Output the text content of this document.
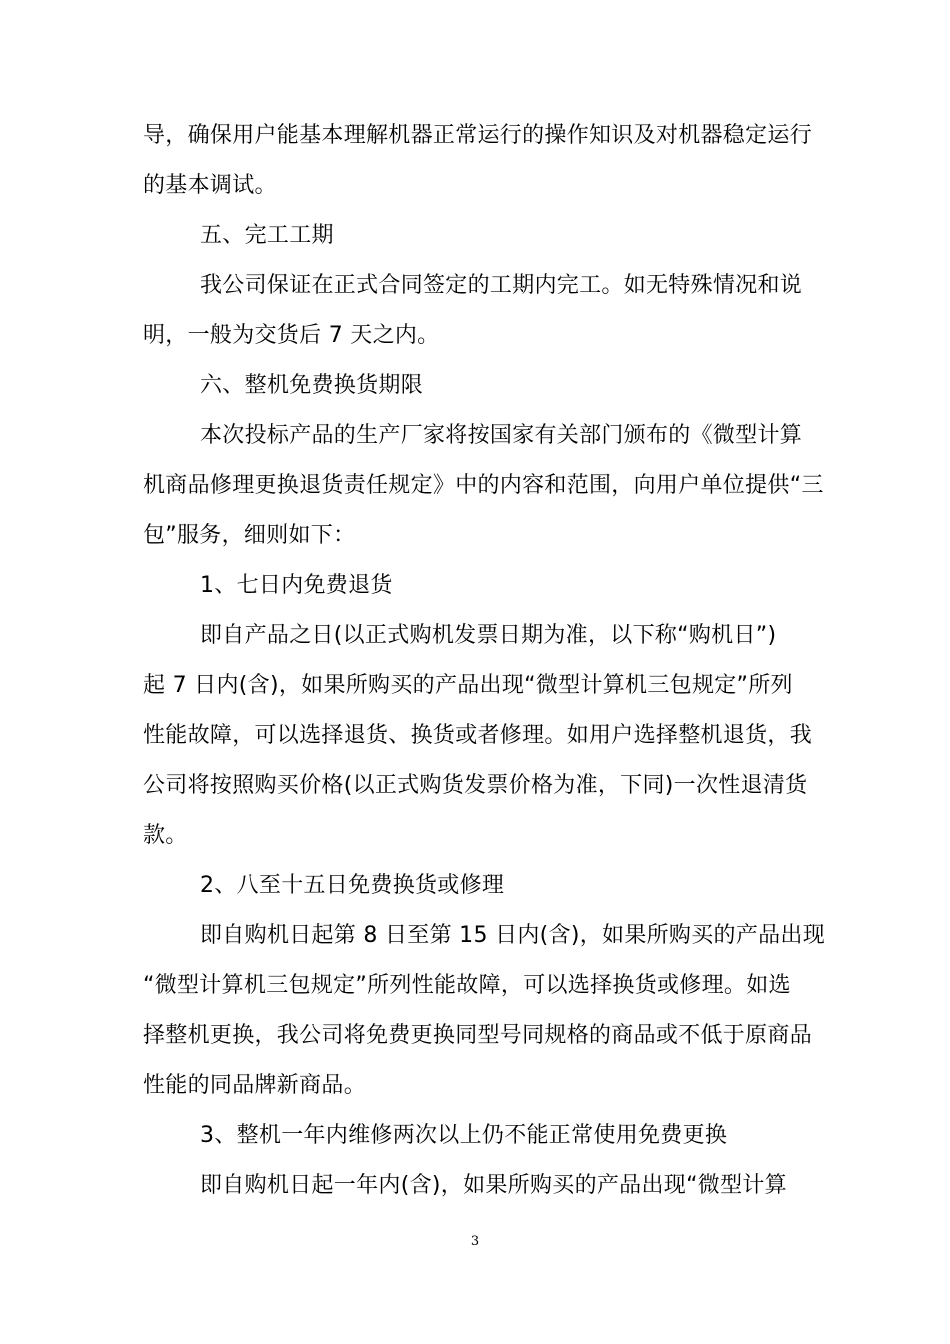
导，确保用户能基本理解机器正常运行的操作知识及对机器稳定运行
的基本调试。
五、完工工期
我公司保证在正式合同签定的工期内完工。如无特殊情况和说
明，一般为交货后 7 天之内。
六、整机免费换货期限
本次投标产品的生产厂家将按国家有关部门颁布的《微型计算
机商品修理更换退货责任规定》中的内容和范围，向用户单位提供“三
包”服务，细则如下：
1、七日内免费退货
即自产品之日(以正式购机发票日期为准，以下称“购机日”)
起 7 日内(含)，如果所购买的产品出现“微型计算机三包规定”所列
性能故障，可以选择退货、换货或者修理。如用户选择整机退货，我
公司将按照购买价格(以正式购货发票价格为准，下同)一次性退清货
款。
2、八至十五日免费换货或修理
即自购机日起第 8 日至第 15 日内(含)，如果所购买的产品出现
“微型计算机三包规定”所列性能故障，可以选择换货或修理。如选
择整机更换，我公司将免费更换同型号同规格的商品或不低于原商品
性能的同品牌新商品。
3、整机一年内维修两次以上仍不能正常使用免费更换
即自购机日起一年内(含)，如果所购买的产品出现“微型计算
3
